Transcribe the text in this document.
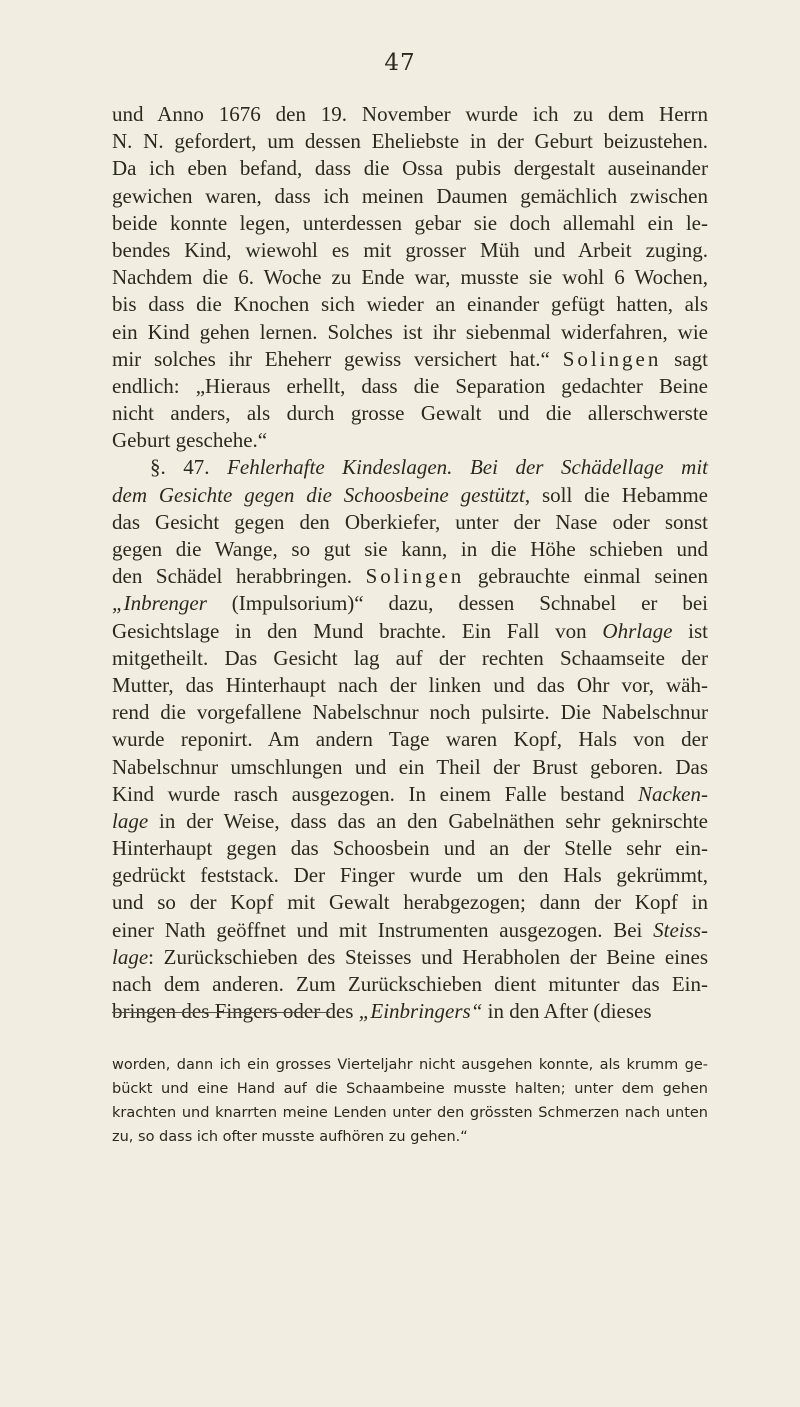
47
und Anno 1676 den 19. November wurde ich zu dem Herrn
N. N. gefordert, um dessen Eheliebste in der Geburt beizustehen.
Da ich eben befand, dass die Ossa pubis dergestalt auseinander
gewichen waren, dass ich meinen Daumen gemächlich zwischen
beide konnte legen, unterdessen gebar sie doch allemahl ein le-
bendes Kind, wiewohl es mit grosser Müh und Arbeit zuging.
Nachdem die 6. Woche zu Ende war, musste sie wohl 6 Wochen,
bis dass die Knochen sich wieder an einander gefügt hatten, als
ein Kind gehen lernen. Solches ist ihr siebenmal widerfahren, wie
mir solches ihr Eheherr gewiss versichert hat.“ Solingen sagt
endlich: „Hieraus erhellt, dass die Separation gedachter Beine
nicht anders, als durch grosse Gewalt und die allerschwerste
Geburt geschehe.“
§. 47. Fehlerhafte Kindeslagen. Bei der Schädellage mit
dem Gesichte gegen die Schoosbeine gestützt, soll die Hebamme
das Gesicht gegen den Oberkiefer, unter der Nase oder sonst
gegen die Wange, so gut sie kann, in die Höhe schieben und
den Schädel herabbringen. Solingen gebrauchte einmal seinen
„Inbrenger (Impulsorium)“ dazu, dessen Schnabel er bei
Gesichtslage in den Mund brachte. Ein Fall von Ohrlage ist
mitgetheilt. Das Gesicht lag auf der rechten Schaamseite der
Mutter, das Hinterhaupt nach der linken und das Ohr vor, wäh-
rend die vorgefallene Nabelschnur noch pulsirte. Die Nabelschnur
wurde reponirt. Am andern Tage waren Kopf, Hals von der
Nabelschnur umschlungen und ein Theil der Brust geboren. Das
Kind wurde rasch ausgezogen. In einem Falle bestand Nacken-
lage in der Weise, dass das an den Gabelnäthen sehr geknirschte
Hinterhaupt gegen das Schoosbein und an der Stelle sehr ein-
gedrückt feststack. Der Finger wurde um den Hals gekrümmt,
und so der Kopf mit Gewalt herabgezogen; dann der Kopf in
einer Nath geöffnet und mit Instrumenten ausgezogen. Bei Steiss-
lage: Zurückschieben des Steisses und Herabholen der Beine eines
nach dem anderen. Zum Zurückschieben dient mitunter das Ein-
bringen des Fingers oder des „Einbringers“ in den After (dieses
worden, dann ich ein grosses Vierteljahr nicht ausgehen konnte, als krumm ge-
bückt und eine Hand auf die Schaambeine musste halten; unter dem gehen
krachten und knarrten meine Lenden unter den grössten Schmerzen nach unten
zu, so dass ich ofter musste aufhören zu gehen.“
